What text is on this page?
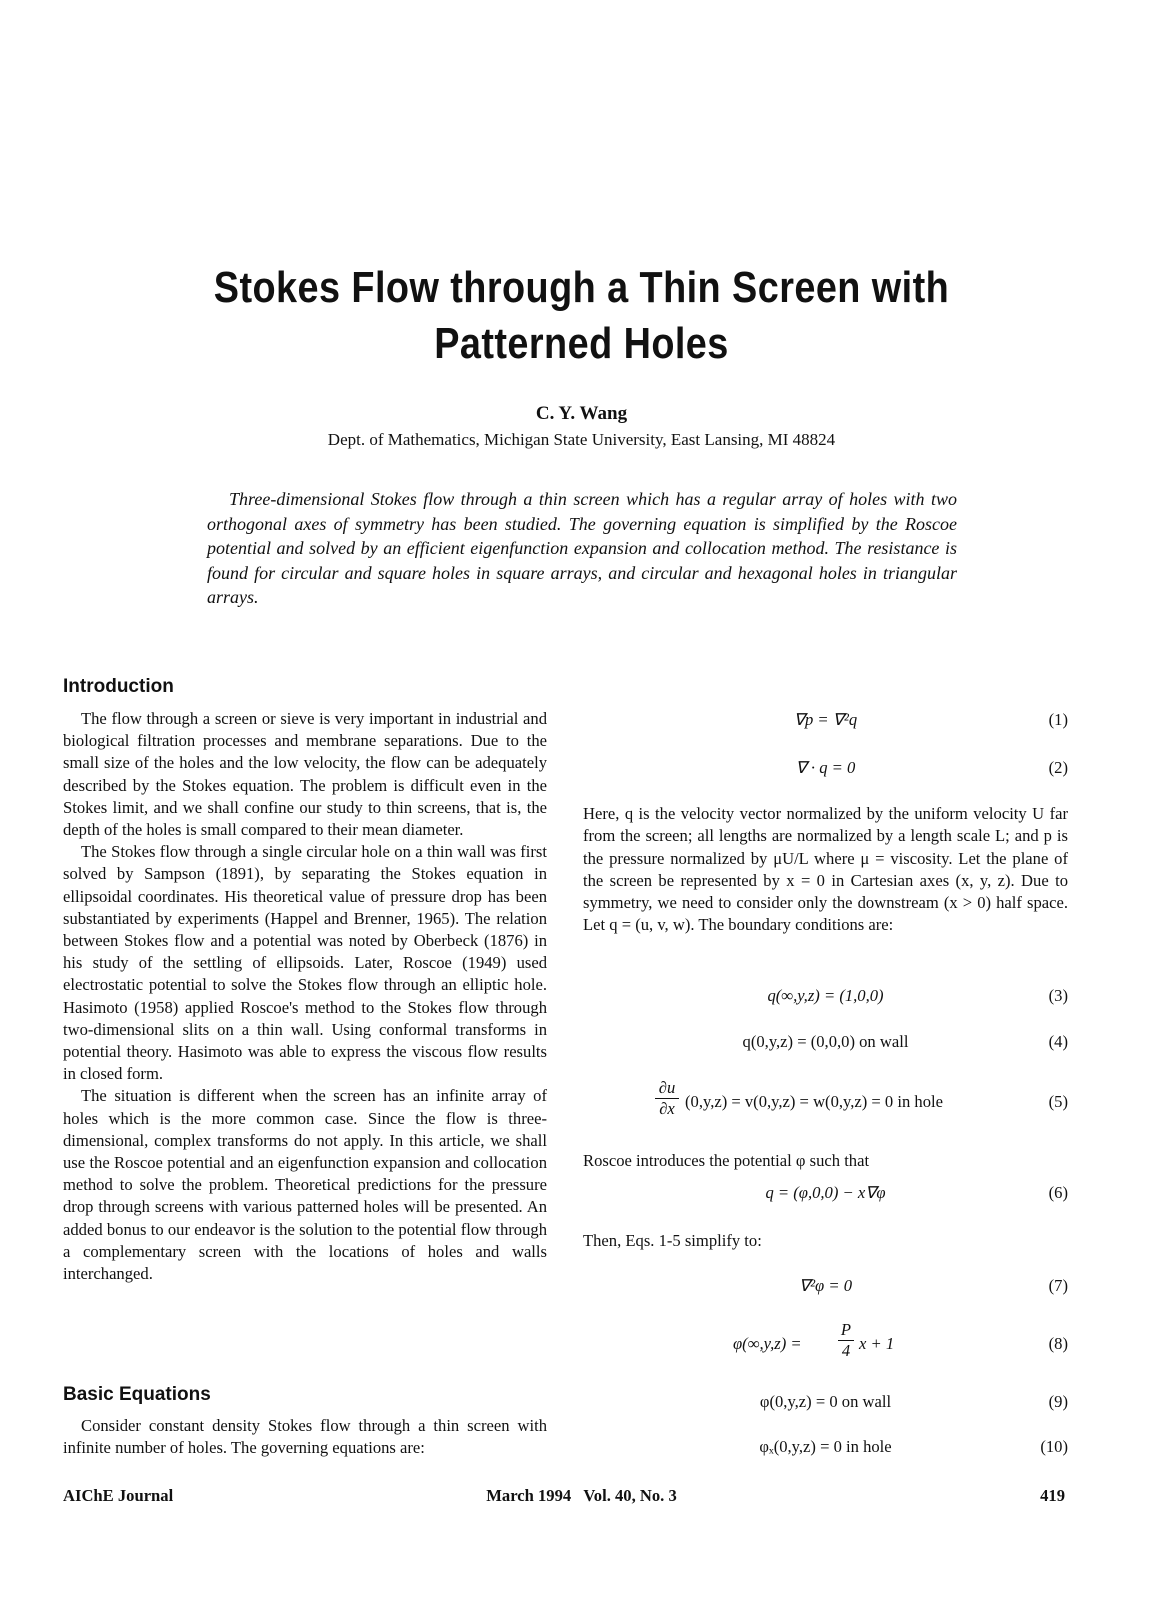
Stokes Flow through a Thin Screen with Patterned Holes
C. Y. Wang
Dept. of Mathematics, Michigan State University, East Lansing, MI 48824

Three-dimensional Stokes flow through a thin screen which has a regular array of holes with two orthogonal axes of symmetry has been studied. The governing equation is simplified by the Roscoe potential and solved by an efficient eigenfunction expansion and collocation method. The resistance is found for circular and square holes in square arrays, and circular and hexagonal holes in triangular arrays.

Introduction

The flow through a screen or sieve is very important in industrial and biological filtration processes and membrane separations. Due to the small size of the holes and the low velocity, the flow can be adequately described by the Stokes equation. The problem is difficult even in the Stokes limit, and we shall confine our study to thin screens, that is, the depth of the holes is small compared to their mean diameter.

The Stokes flow through a single circular hole on a thin wall was first solved by Sampson (1891), by separating the Stokes equation in ellipsoidal coordinates. His theoretical value of pressure drop has been substantiated by experiments (Happel and Brenner, 1965). The relation between Stokes flow and a potential was noted by Oberbeck (1876) in his study of the settling of ellipsoids. Later, Roscoe (1949) used electrostatic potential to solve the Stokes flow through an elliptic hole. Hasimoto (1958) applied Roscoe's method to the Stokes flow through two-dimensional slits on a thin wall. Using conformal transforms in potential theory. Hasimoto was able to express the viscous flow results in closed form.

The situation is different when the screen has an infinite array of holes which is the more common case. Since the flow is three-dimensional, complex transforms do not apply. In this article, we shall use the Roscoe potential and an eigenfunction expansion and collocation method to solve the problem. Theoretical predictions for the pressure drop through screens with various patterned holes will be presented. An added bonus to our endeavor is the solution to the potential flow through a complementary screen with the locations of holes and walls interchanged.

Basic Equations

Consider constant density Stokes flow through a thin screen with infinite number of holes. The governing equations are:

∇p = ∇²q	(1)
∇ · q = 0	(2)

Here, q is the velocity vector normalized by the uniform velocity U far from the screen; all lengths are normalized by a length scale L; and p is the pressure normalized by μU/L where μ = viscosity. Let the plane of the screen be represented by x = 0 in Cartesian axes (x, y, z). Due to symmetry, we need to consider only the downstream (x > 0) half space. Let q = (u, v, w). The boundary conditions are:

q(∞,y,z) = (1,0,0)	(3)
q(0,y,z) = (0,0,0) on wall	(4)
$\frac{\partial u}{\partial x} (0,y,z) = v(0,y,z) = w(0,y,z) = 0$ in hole	(5)

Roscoe introduces the potential φ such that

q = (φ,0,0) − x∇φ	(6)

Then, Eqs. 1-5 simplify to:

∇²φ = 0	(7)
$\varphi(\infty,y,z) = \frac{P}{4}$ x + 1	(8)
φ(0,y,z) = 0 on wall	(9)
φₓ(0,y,z) = 0 in hole	(10)
AIChE Journal	March 1994   Vol. 40, No. 3	419
